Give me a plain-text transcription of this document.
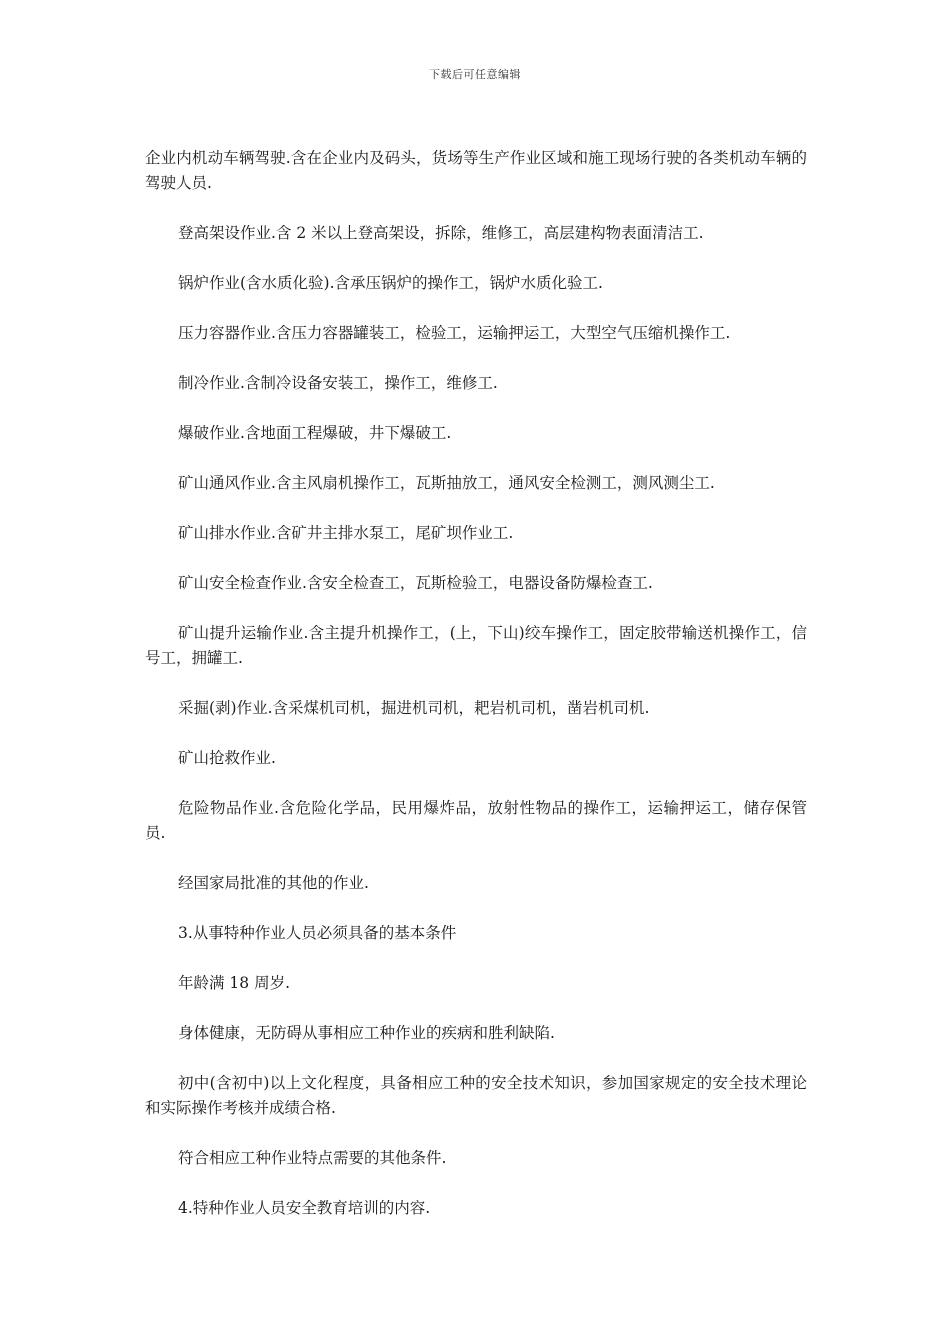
下载后可任意编辑

企业内机动车辆驾驶.含在企业内及码头，货场等生产作业区域和施工现场行驶的各类机动车辆的驾驶人员.

登高架设作业.含 2 米以上登高架设，拆除，维修工，高层建构物表面清洁工.

锅炉作业(含水质化验).含承压锅炉的操作工，锅炉水质化验工.

压力容器作业.含压力容器罐装工，检验工，运输押运工，大型空气压缩机操作工.

制冷作业.含制冷设备安装工，操作工，维修工.

爆破作业.含地面工程爆破，井下爆破工.

矿山通风作业.含主风扇机操作工，瓦斯抽放工，通风安全检测工，测风测尘工.

矿山排水作业.含矿井主排水泵工，尾矿坝作业工.

矿山安全检查作业.含安全检查工，瓦斯检验工，电器设备防爆检查工.

矿山提升运输作业.含主提升机操作工，(上，下山)绞车操作工，固定胶带输送机操作工，信号工，拥罐工.

采掘(剥)作业.含采煤机司机，掘进机司机，耙岩机司机，凿岩机司机.

矿山抢救作业.

危险物品作业.含危险化学品，民用爆炸品，放射性物品的操作工，运输押运工，储存保管员.

经国家局批准的其他的作业.

3.从事特种作业人员必须具备的基本条件

年龄满 18 周岁.

身体健康，无防碍从事相应工种作业的疾病和胜利缺陷.

初中(含初中)以上文化程度，具备相应工种的安全技术知识，参加国家规定的安全技术理论和实际操作考核并成绩合格.

符合相应工种作业特点需要的其他条件.

4.特种作业人员安全教育培训的内容.
